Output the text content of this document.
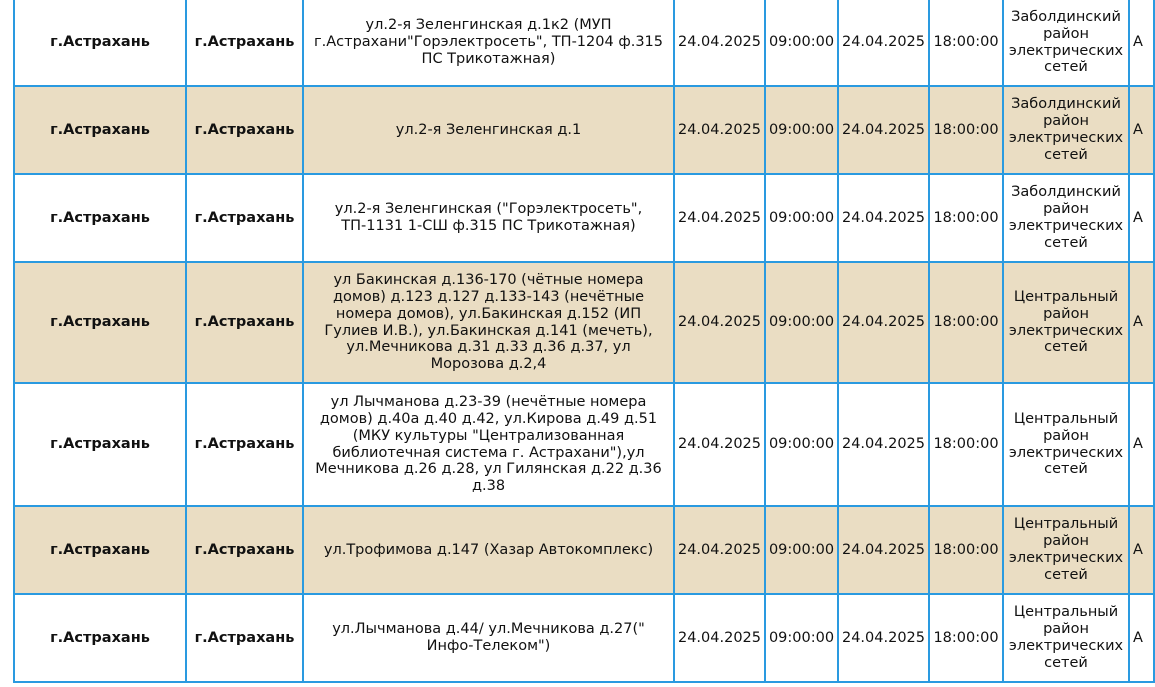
г.Астрахань	г.Астрахань	ул.2-я Зеленгинская д.1к2 (МУП г.Астрахани"Горэлектросеть", ТП-1204 ф.315 ПС Трикотажная)	24.04.2025	09:00:00	24.04.2025	18:00:00	Заболдинский район электрических сетей	А
г.Астрахань	г.Астрахань	ул.2-я Зеленгинская д.1	24.04.2025	09:00:00	24.04.2025	18:00:00	Заболдинский район электрических сетей	А
г.Астрахань	г.Астрахань	ул.2-я Зеленгинская ("Горэлектросеть", ТП-1131 1-СШ ф.315 ПС Трикотажная)	24.04.2025	09:00:00	24.04.2025	18:00:00	Заболдинский район электрических сетей	А
г.Астрахань	г.Астрахань	ул Бакинская д.136-170 (чётные номера домов) д.123 д.127 д.133-143 (нечётные номера домов), ул.Бакинская д.152 (ИП Гулиев И.В.), ул.Бакинская д.141 (мечеть), ул.Мечникова д.31 д.33 д.36 д.37, ул Морозова д.2,4	24.04.2025	09:00:00	24.04.2025	18:00:00	Центральный район электрических сетей	А
г.Астрахань	г.Астрахань	ул Лычманова д.23-39 (нечётные номера домов) д.40а д.40 д.42, ул.Кирова д.49 д.51 (МКУ культуры "Централизованная библиотечная система г. Астрахани"),ул Мечникова д.26 д.28, ул Гилянская д.22 д.36 д.38	24.04.2025	09:00:00	24.04.2025	18:00:00	Центральный район электрических сетей	А
г.Астрахань	г.Астрахань	ул.Трофимова д.147 (Хазар Автокомплекс)	24.04.2025	09:00:00	24.04.2025	18:00:00	Центральный район электрических сетей	А
г.Астрахань	г.Астрахань	ул.Лычманова д.44/ ул.Мечникова д.27(" Инфо-Телеком")	24.04.2025	09:00:00	24.04.2025	18:00:00	Центральный район электрических сетей	А
